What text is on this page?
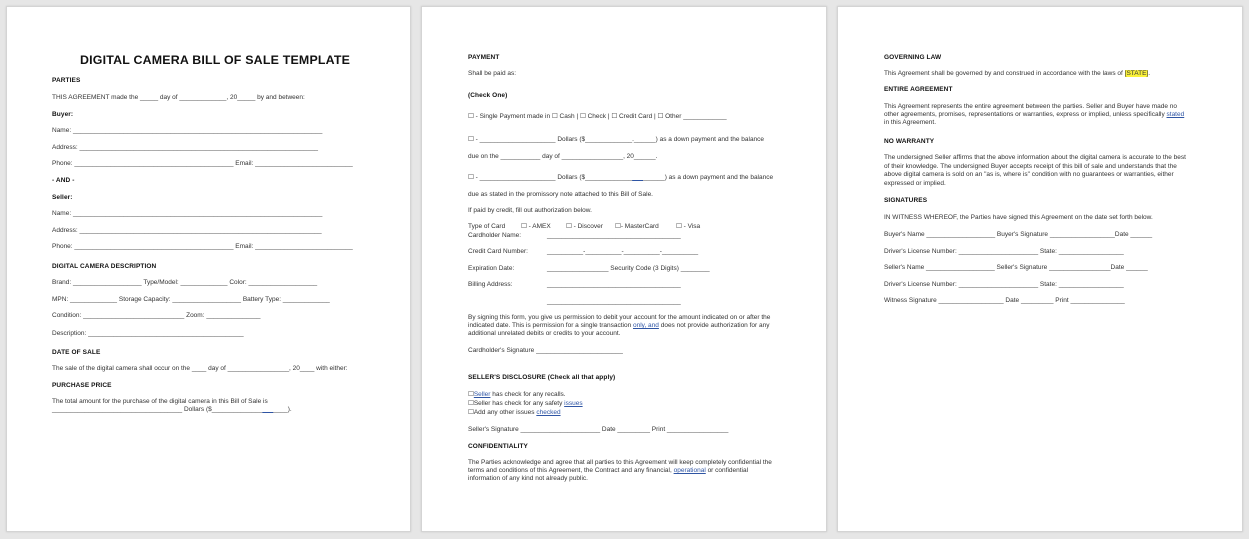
DIGITAL CAMERA BILL OF SALE TEMPLATE
PARTIES
THIS AGREEMENT made the _____ day of _____________, 20_____ by and between:
Buyer:
Name: _____________________________________________________________________
Address: __________________________________________________________________
Phone: ____________________________________________ Email: ___________________________
- AND -
Seller:
Name: _____________________________________________________________________
Address: ___________________________________________________________________
Phone: ____________________________________________ Email: ___________________________
DIGITAL CAMERA DESCRIPTION
Brand: ___________________ Type/Model: _____________ Color: ___________________
MPN: _____________ Storage Capacity: ___________________ Battery Type: _____________
Condition: ____________________________ Zoom: _______________
Description: ___________________________________________
DATE OF SALE
The sale of the digital camera shall occur on the ____ day of _________________, 20____ with either:
PURCHASE PRICE
The total amount for the purchase of the digital camera in this Bill of Sale is
____________________________________ Dollars ($_____________________).
PAYMENT
Shall be paid as:
(Check One)
☐ - Single Payment made in ☐ Cash | ☐ Check | ☐ Credit Card | ☐ Other ____________
☐ - _____________________ Dollars ($_____________.______) as a down payment and the balance
due on the ___________ day of _________________, 20______.
☐ - _____________________ Dollars ($______________________) as a down payment and the balance
due as stated in the promissory note attached to this Bill of Sale.
If paid by credit, fill out authorization below.
Type of Card ☐ - AMEX ☐ - Discover ☐- MasterCard	☐ - Visa
Cardholder Name:	_____________________________________
Credit Card Number:	__________-__________-__________-__________
Expiration Date:	_________________ Security Code (3 Digits) ________
Billing Address:	_____________________________________
_____________________________________
By signing this form, you give us permission to debit your account for the amount indicated on or after the
indicated date. This is permission for a single transaction only, and does not provide authorization for any
additional unrelated debits or credits to your account.
Cardholder's Signature ________________________
SELLER'S DISCLOSURE (Check all that apply)
☐Seller has check for any recalls.
☐Seller has check for any safety issues
☐Add any other issues checked
Seller's Signature ______________________ Date _________ Print _________________
CONFIDENTIALITY
The Parties acknowledge and agree that all parties to this Agreement will keep completely confidential the
terms and conditions of this Agreement, the Contract and any financial, operational or confidential
information of any kind not already public.
GOVERNING LAW
This Agreement shall be governed by and construed in accordance with the laws of [STATE].
ENTIRE AGREEMENT
This Agreement represents the entire agreement between the parties. Seller and Buyer have made no
other agreements, promises, representations or warranties, express or implied, unless specifically stated
in this Agreement.
NO WARRANTY
The undersigned Seller affirms that the above information about the digital camera is accurate to the best
of their knowledge. The undersigned Buyer accepts receipt of this bill of sale and understands that the
above digital camera is sold on an "as is, where is" condition with no guarantees or warranties, either
expressed or implied.
SIGNATURES
IN WITNESS WHEREOF, the Parties have signed this Agreement on the date set forth below.
Buyer's Name ___________________ Buyer's Signature __________________Date ______
Driver's License Number: ______________________ State: __________________
Seller's Name ___________________ Seller's Signature _________________Date ______
Driver's License Number: ______________________ State: __________________
Witness Signature __________________ Date _________ Print _______________
